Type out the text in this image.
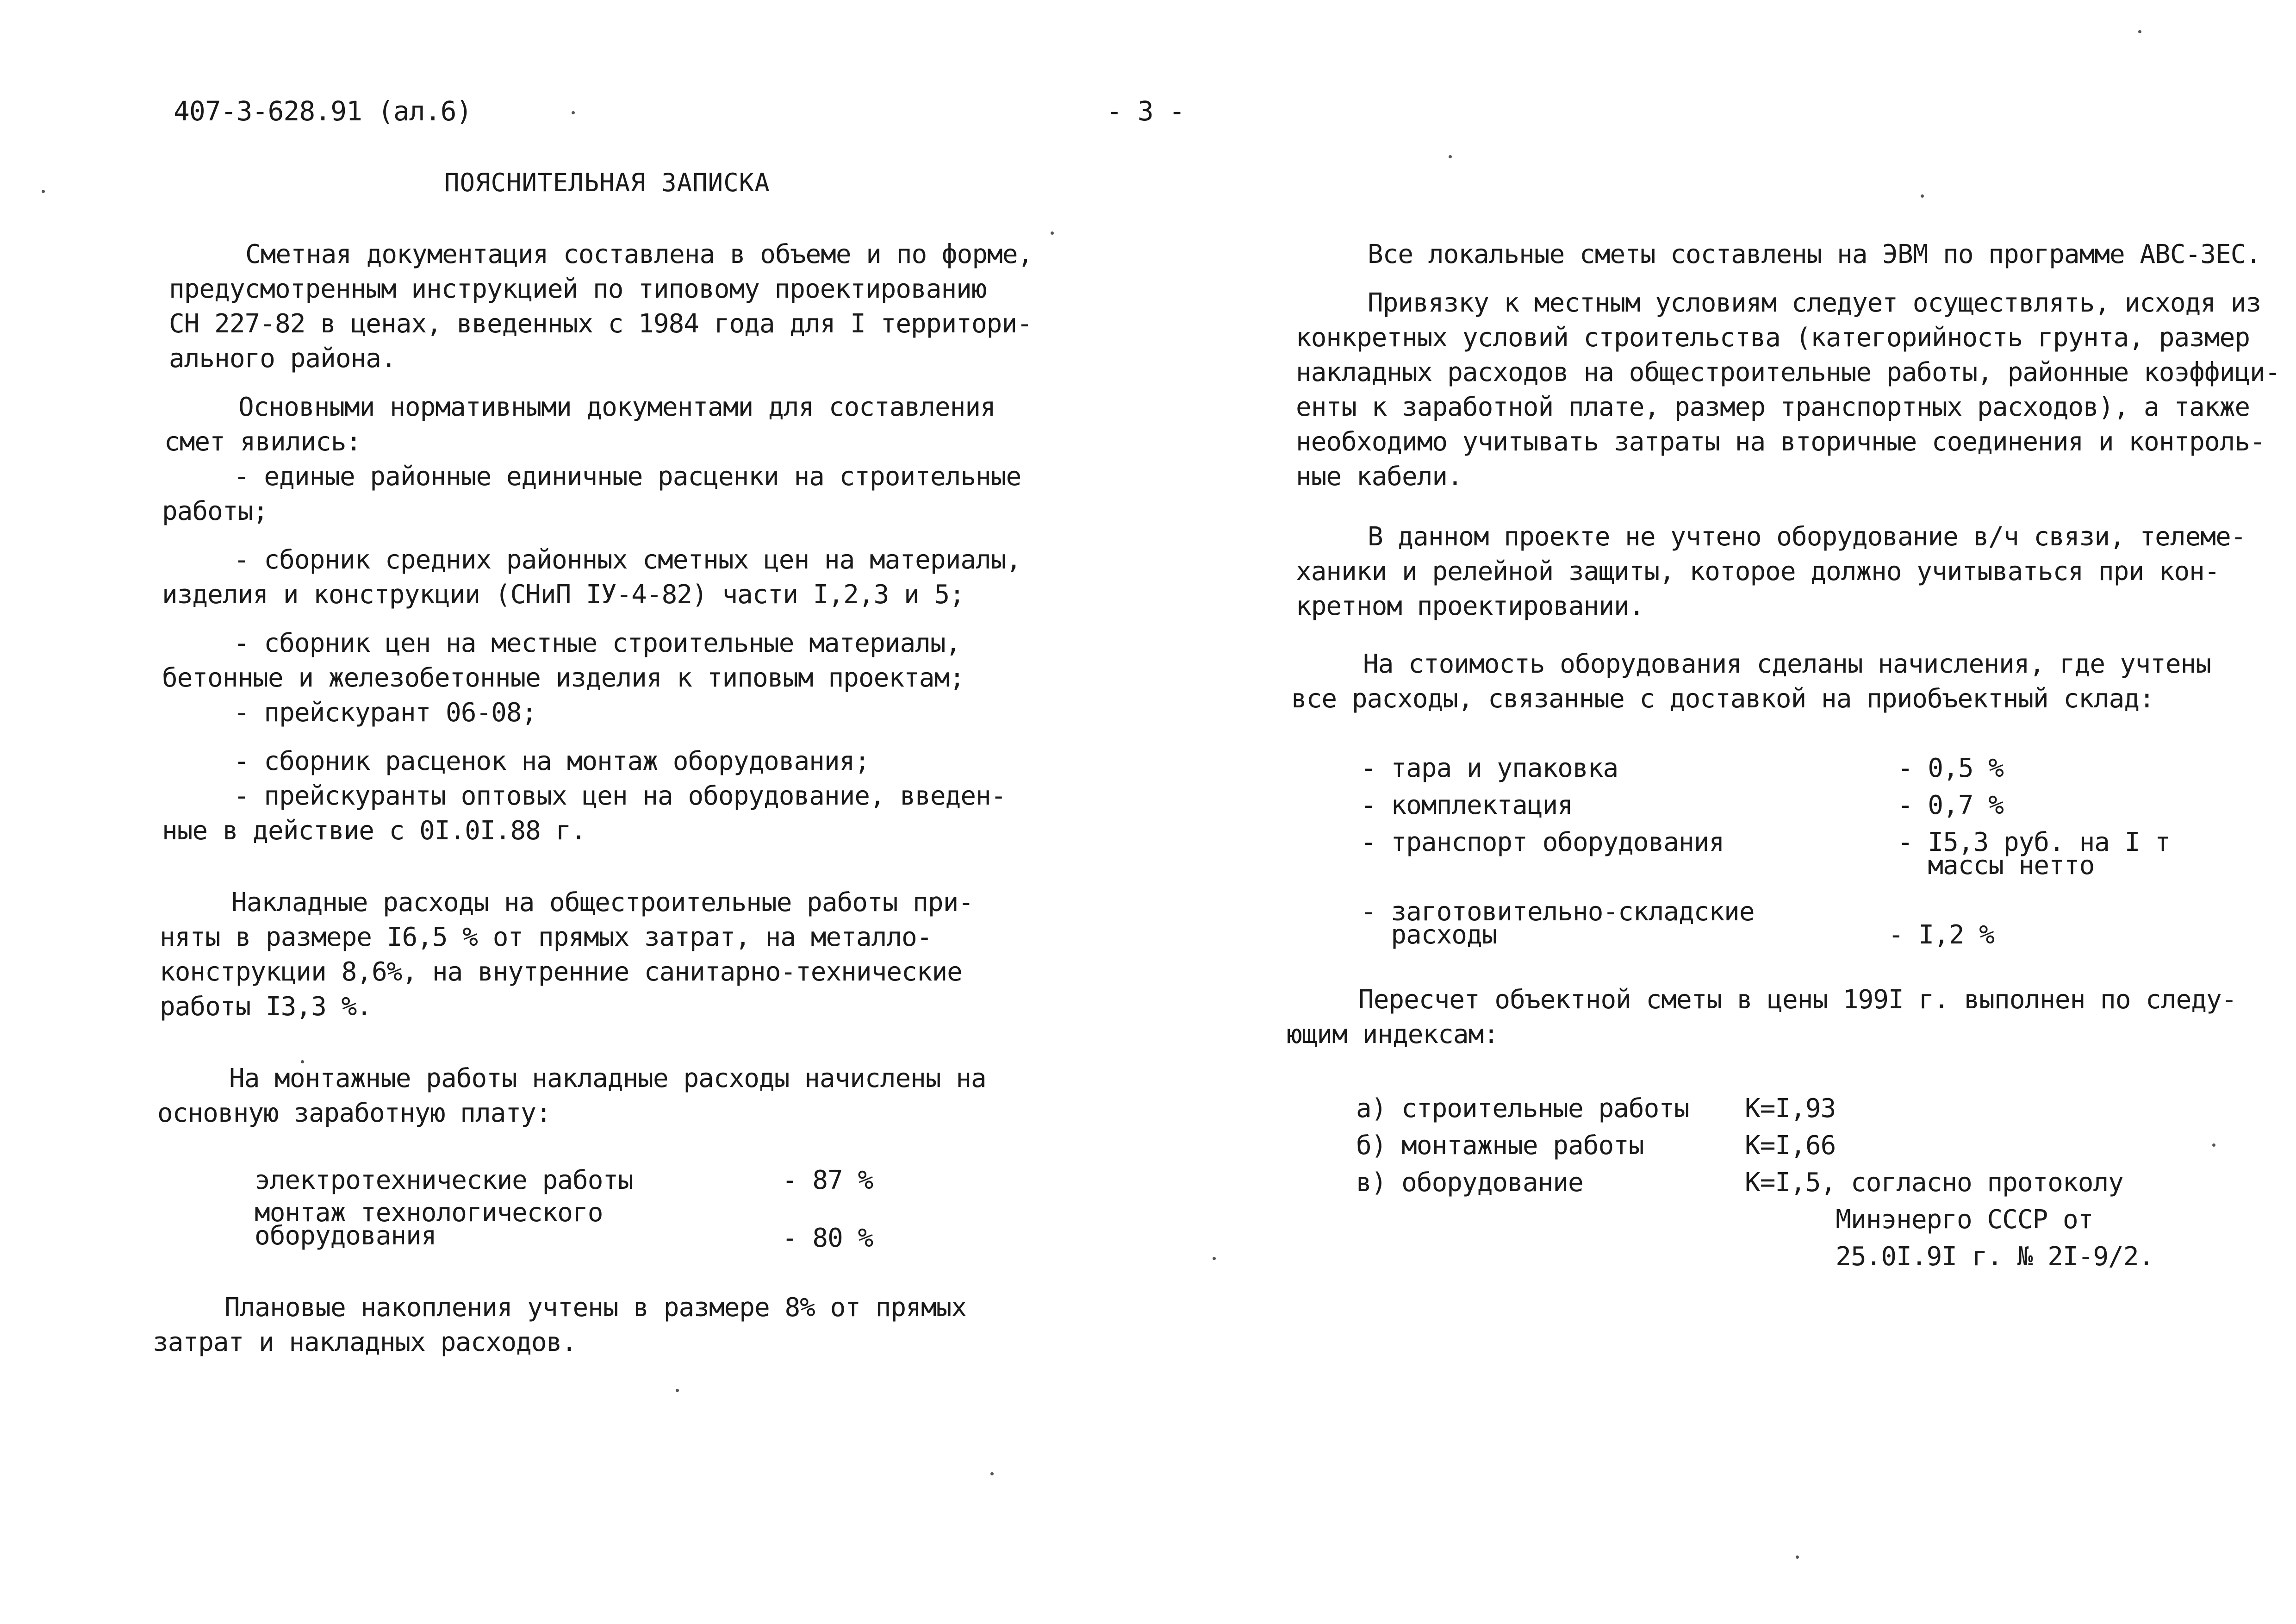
407-3-628.91 (ал.6)	- 3 -
ПОЯСНИТЕЛЬНАЯ ЗАПИСКА
Сметная документация составлена в объеме и по форме,
предусмотренным инструкцией по типовому проектированию
СН 227-82 в ценах, введенных с 1984 года для I территори-
ального района.
Основными нормативными документами для составления
смет явились:
- единые районные единичные расценки на строительные
работы;
- сборник средних районных сметных цен на материалы,
изделия и конструкции (СНиП IУ-4-82) части I,2,3 и 5;
- сборник цен на местные строительные материалы,
бетонные и железобетонные изделия к типовым проектам;
- прейскурант 06-08;
- сборник расценок на монтаж оборудования;
- прейскуранты оптовых цен на оборудование, введен-
ные в действие с 0I.0I.88 г.
Накладные расходы на общестроительные работы при-
няты в размере I6,5 % от прямых затрат, на металло-
конструкции 8,6%, на внутренние санитарно-технические
работы I3,3 %.
На монтажные работы накладные расходы начислены на
основную заработную плату:
электротехнические работы	- 87 %
монтаж технологического
оборудования	- 80 %
Плановые накопления учтены в размере 8% от прямых
затрат и накладных расходов.
Все локальные сметы составлены на ЭВМ по программе АВС-ЗЕС.
Привязку к местным условиям следует осуществлять, исходя из
конкретных условий строительства (категорийность грунта, размер
накладных расходов на общестроительные работы, районные коэффици-
енты к заработной плате, размер транспортных расходов), а также
необходимо учитывать затраты на вторичные соединения и контроль-
ные кабели.
В данном проекте не учтено оборудование в/ч связи, телеме-
ханики и релейной защиты, которое должно учитываться при кон-
кретном проектировании.
На стоимость оборудования сделаны начисления, где учтены
все расходы, связанные с доставкой на приобъектный склад:
- тара и упаковка	- 0,5 %
- комплектация	- 0,7 %
- транспорт оборудования	- I5,3 руб. на I т
массы нетто
- заготовительно-складские
расходы	- I,2 %
Пересчет объектной сметы в цены 199I г. выполнен по следу-
ющим индексам:
а) строительные работы К=I,93
б) монтажные работы	К=I,66
в) оборудование	К=I,5, согласно протоколу
Минэнерго СССР от
25.0I.9I г. № 2I-9/2.
